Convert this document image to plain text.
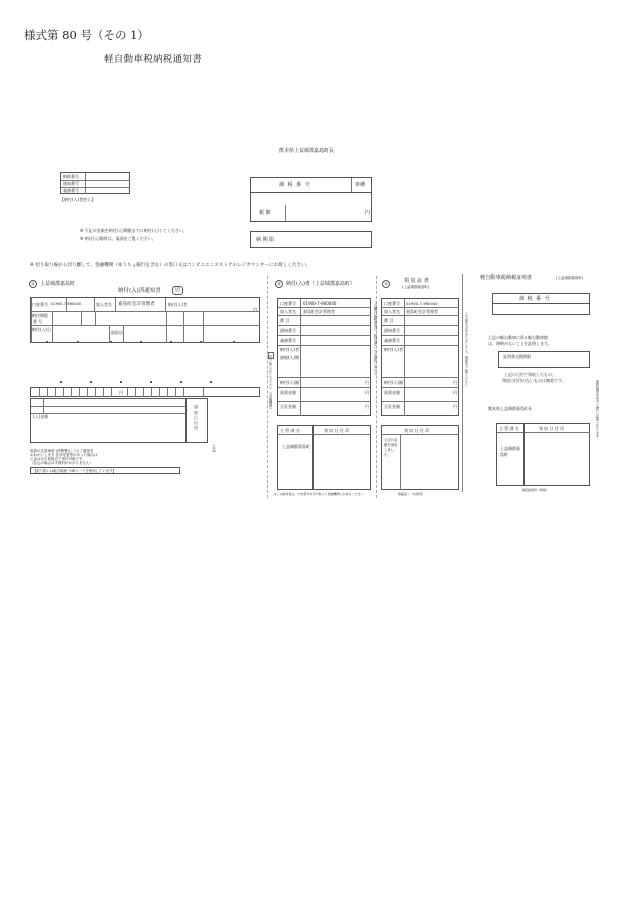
様式第 80 号（その 1）
軽自動車税納税通知書
熊本県上益城郡嘉島町長
納税番号
通知番号
義務番号
【納付(入)者控え】
課 税 番 号	車種
税 額	円
納 期 限
※ 下記の金額を納付(入)期限までに納付(入)してください。
※ 納付(入)場所は、裏面をご覧ください。
※ 切り取り線から切り離して、金融機関（ゆうちょ銀行を含む）の窓口又はコンビニエンスストアのレジカウンターにお渡しください。
②	上益城郡嘉島町
納付(入)済通知書	〄
口座番号 01900-7-960040	加入者名 嘉島町会計管理者	納付(入)者
円
納付期限
番 号
納付(入)日
取扱店
円
(入)金額	領 収 日 付 印
上益
取扱の注意事項 (所轄署)にてのご連絡を
おねがいします 住所変更等があった場合は
公金は次の取扱店で受付可能です。
（払込の場合は手数料がかかりません）
【取り扱いは地方税統一QRコードを使用しています】
②	納付(入)書（上益城郡嘉島町）
口座番号 01900-7-960040
加入者名 嘉島町会計管理者
費 目
通知番号
義務番号
納付(入)者
課税(入)期
納付(入)額	円
延滞金額	円
合計金額	円
主 管 課 名
上益城郡嘉島町
領 収 日 付 印
※この納付書は、中央部分を切り取って金融機関にお持ちください
②	領 収 証 書
(上益城郡嘉島町)
口座番号 01900-7-960040
加入者名 嘉島町会計管理者
費 目
通知番号
義務番号
納付(入)者
納付(入)額	円
延滞金額	円
合計金額	円
領 収 日 付 印
上記の金額を領収しました。
取扱店へ（未使用）
軽自動車税納税証明書	(上益城郡嘉島町)
課 税 番 号
上記の軽自動車に係る軽自動車税
は、滞納がないことを証明します。
証明書交換期限
上記の日付で領収したもの、
領収日付印のないものは無効です。
熊本県上益城郡嘉島町長
主 管 課 名
上益城郡嘉島町
領 収 日 付 印
継続検査用（車検）
切り取らないで下さい（金融機関）
この欄の記載事項は、納付書として取扱いません	ご不明な点がありましたら、裏面をご覧ください
継続検査を受ける際に必要となります
